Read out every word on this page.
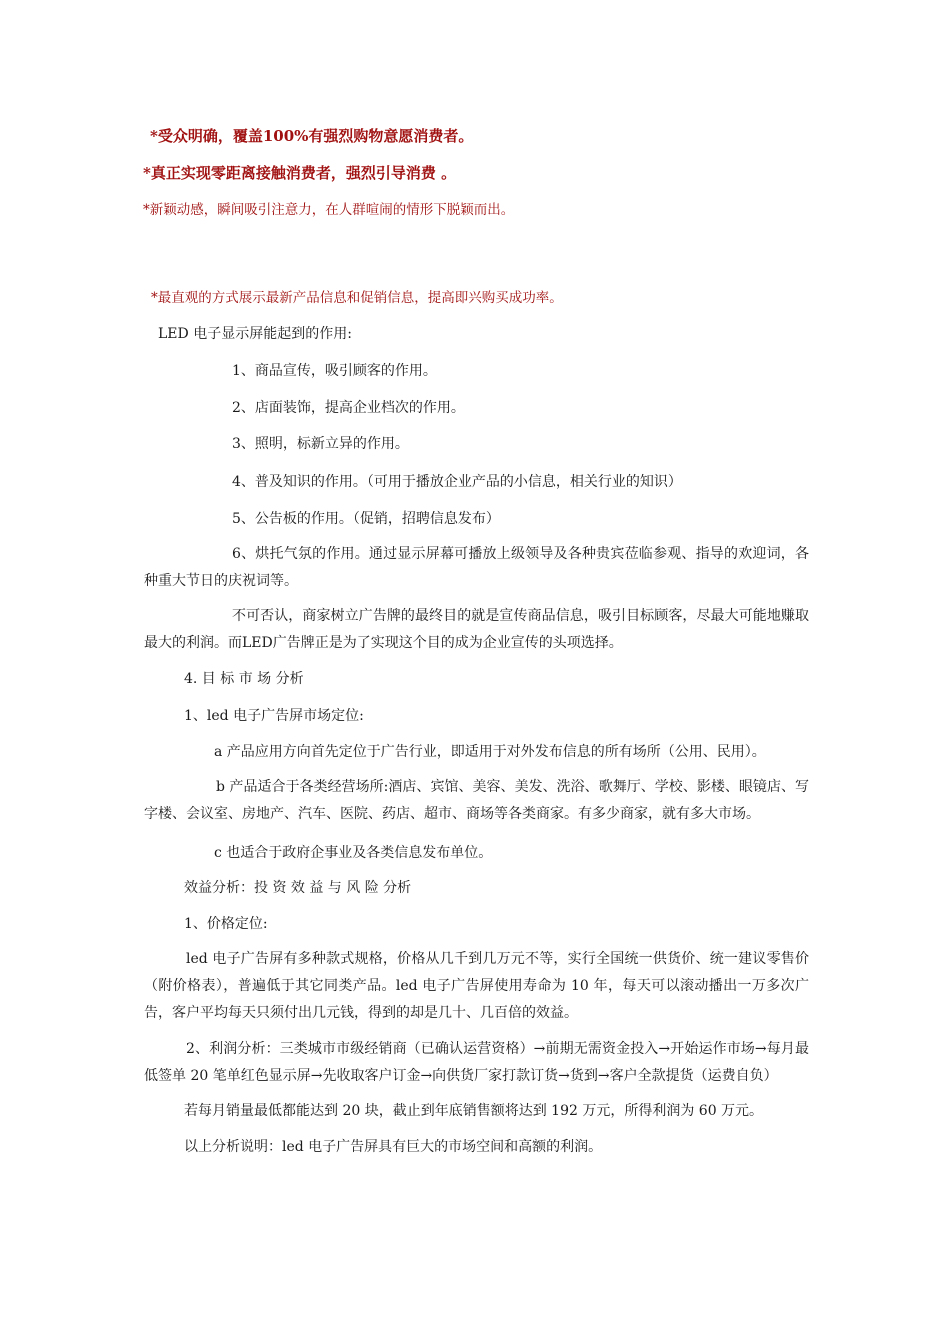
*受众明确，覆盖100%有强烈购物意愿消费者。
*真正实现零距离接触消费者，强烈引导消费 。
*新颖动感，瞬间吸引注意力，在人群喧闹的情形下脱颖而出。
*最直观的方式展示最新产品信息和促销信息，提高即兴购买成功率。
LED 电子显示屏能起到的作用:
1、商品宣传，吸引顾客的作用。
2、店面装饰，提高企业档次的作用。
3、照明，标新立异的作用。
4、普及知识的作用。（可用于播放企业产品的小信息，相关行业的知识）
5、公告板的作用。（促销，招聘信息发布）
6、烘托气氛的作用。通过显示屏幕可播放上级领导及各种贵宾莅临参观、指导的欢迎词，各种重大节日的庆祝词等。
不可否认，商家树立广告牌的最终目的就是宣传商品信息，吸引目标顾客，尽最大可能地赚取最大的利润。而LED广告牌正是为了实现这个目的成为企业宣传的头项选择。
4. 目 标 市 场 分析
1、led 电子广告屏市场定位:
a 产品应用方向首先定位于广告行业，即适用于对外发布信息的所有场所（公用、民用）。
b 产品适合于各类经营场所:酒店、宾馆、美容、美发、洗浴、歌舞厅、学校、影楼、眼镜店、写字楼、会议室、房地产、汽车、医院、药店、超市、商场等各类商家。有多少商家，就有多大市场。
c 也适合于政府企事业及各类信息发布单位。
效益分析：投 资 效 益 与 风 险 分析
1、价格定位:
led 电子广告屏有多种款式规格，价格从几千到几万元不等，实行全国统一供货价、统一建议零售价（附价格表），普遍低于其它同类产品。led 电子广告屏使用寿命为 10 年，每天可以滚动播出一万多次广告，客户平均每天只须付出几元钱，得到的却是几十、几百倍的效益。
2、利润分析：三类城市市级经销商（已确认运营资格）→前期无需资金投入→开始运作市场→每月最低签单 20 笔单红色显示屏→先收取客户订金→向供货厂家打款订货→货到→客户全款提货（运费自负）
若每月销量最低都能达到 20 块，截止到年底销售额将达到 192 万元，所得利润为 60 万元。
以上分析说明：led 电子广告屏具有巨大的市场空间和高额的利润。
